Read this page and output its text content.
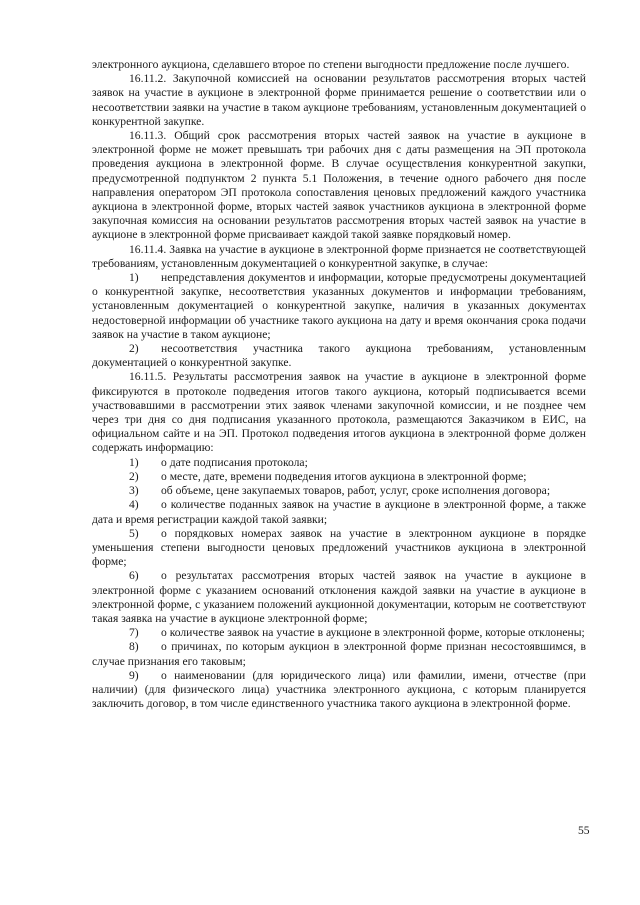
электронного аукциона, сделавшего второе по степени выгодности предложение после лучшего.

16.11.2. Закупочной комиссией на основании результатов рассмотрения вторых частей заявок на участие в аукционе в электронной форме принимается решение о соответствии или о несоответствии заявки на участие в таком аукционе требованиям, установленным документацией о конкурентной закупке.

16.11.3. Общий срок рассмотрения вторых частей заявок на участие в аукционе в электронной форме не может превышать три рабочих дня с даты размещения на ЭП протокола проведения аукциона в электронной форме. В случае осуществления конкурентной закупки, предусмотренной подпунктом 2 пункта 5.1 Положения, в течение одного рабочего дня после направления оператором ЭП протокола сопоставления ценовых предложений каждого участника аукциона в электронной форме, вторых частей заявок участников аукциона в электронной форме закупочная комиссия на основании результатов рассмотрения вторых частей заявок на участие в аукционе в электронной форме присваивает каждой такой заявке порядковый номер.

16.11.4. Заявка на участие в аукционе в электронной форме признается не соответствующей требованиям, установленным документацией о конкурентной закупке, в случае:

1) непредставления документов и информации, которые предусмотрены документацией о конкурентной закупке, несоответствия указанных документов и информации требованиям, установленным документацией о конкурентной закупке, наличия в указанных документах недостоверной информации об участнике такого аукциона на дату и время окончания срока подачи заявок на участие в таком аукционе;

2) несоответствия участника такого аукциона требованиям, установленным документацией о конкурентной закупке.

16.11.5. Результаты рассмотрения заявок на участие в аукционе в электронной форме фиксируются в протоколе подведения итогов такого аукциона, который подписывается всеми участвовавшими в рассмотрении этих заявок членами закупочной комиссии, и не позднее чем через три дня со дня подписания указанного протокола, размещаются Заказчиком в ЕИС, на официальном сайте и на ЭП. Протокол подведения итогов аукциона в электронной форме должен содержать информацию:

1) о дате подписания протокола;

2) о месте, дате, времени подведения итогов аукциона в электронной форме;

3) об объеме, цене закупаемых товаров, работ, услуг, сроке исполнения договора;

4) о количестве поданных заявок на участие в аукционе в электронной форме, а также дата и время регистрации каждой такой заявки;

5) о порядковых номерах заявок на участие в электронном аукционе в порядке уменьшения степени выгодности ценовых предложений участников аукциона в электронной форме;

6) о результатах рассмотрения вторых частей заявок на участие в аукционе в электронной форме с указанием оснований отклонения каждой заявки на участие в аукционе в электронной форме, с указанием положений аукционной документации, которым не соответствуют такая заявка на участие в аукционе электронной форме;

7) о количестве заявок на участие в аукционе в электронной форме, которые отклонены;

8) о причинах, по которым аукцион в электронной форме признан несостоявшимся, в случае признания его таковым;

9) о наименовании (для юридического лица) или фамилии, имени, отчестве (при наличии) (для физического лица) участника электронного аукциона, с которым планируется заключить договор, в том числе единственного участника такого аукциона в электронной форме.

55
